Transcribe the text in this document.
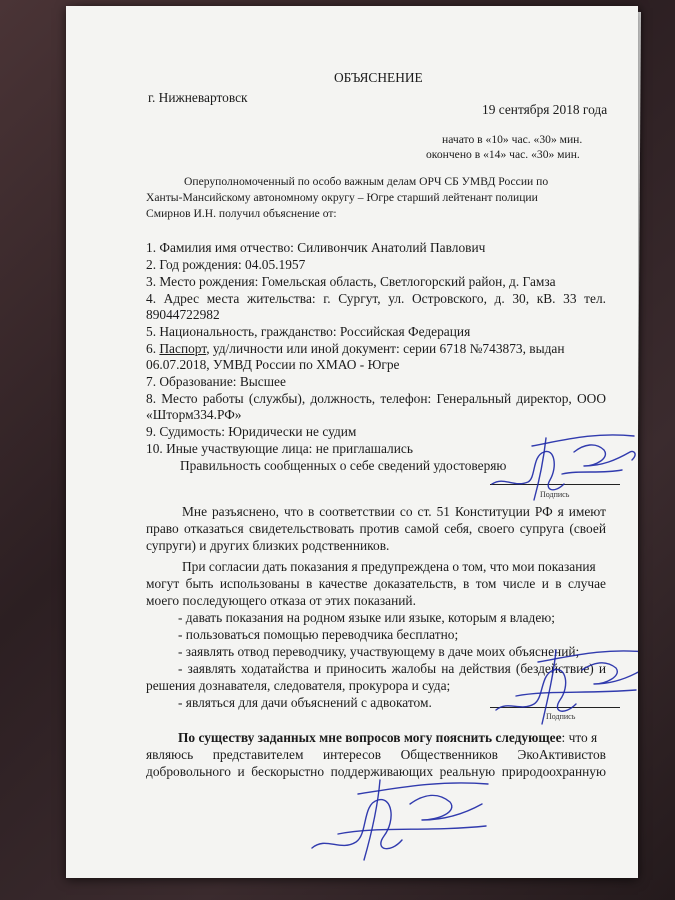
ОБЪЯСНЕНИЕ
г. Нижневартовск
19 сентября 2018 года
начато в «10» час. «30» мин.
окончено в «14» час. «30» мин.
Оперуполномоченный по особо важным делам ОРЧ СБ УМВД России по
Ханты-Мансийскому автономному округу – Югре старший лейтенант полиции
Смирнов И.Н. получил объяснение от:
1. Фамилия имя отчество: Силивончик Анатолий Павлович
2. Год рождения: 04.05.1957
3. Место рождения: Гомельская область, Светлогорский район, д. Гамза
4. Адрес места жительства: г. Сургут, ул. Островского, д. 30, кВ. 33 тел.
89044722982
5. Национальность, гражданство: Российская Федерация
6. Паспорт, уд/личности или иной документ: серии 6718 №743873, выдан
06.07.2018, УМВД России по ХМАО - Югре
7. Образование: Высшее
8. Место работы (службы), должность, телефон: Генеральный директор, ООО
«Шторм334.РФ»
9. Судимость: Юридически не судим
10. Иные участвующие лица: не приглашались
Правильность сообщенных о себе сведений удостоверяю
Подпись
Мне разъяснено, что в соответствии со ст. 51 Конституции РФ я имеют
право отказаться свидетельствовать против самой себя, своего супруга (своей
супруги) и других близких родственников.
При согласии дать показания я предупреждена о том, что мои показания
могут быть использованы в качестве доказательств, в том числе и в случае
моего последующего отказа от этих показаний.
- давать показания на родном языке или языке, которым я владею;
- пользоваться помощью переводчика бесплатно;
- заявлять отвод переводчику, участвующему в даче моих объяснений;
- заявлять ходатайства и приносить жалобы на действия (бездействие) и
решения дознавателя, следователя, прокурора и суда;
- являться для дачи объяснений с адвокатом.
Подпись
По существу заданных мне вопросов могу пояснить следующее: что я
являюсь представителем интересов Общественников ЭкоАктивистов
добровольного и бескорыстно поддерживающих реальную природоохранную
